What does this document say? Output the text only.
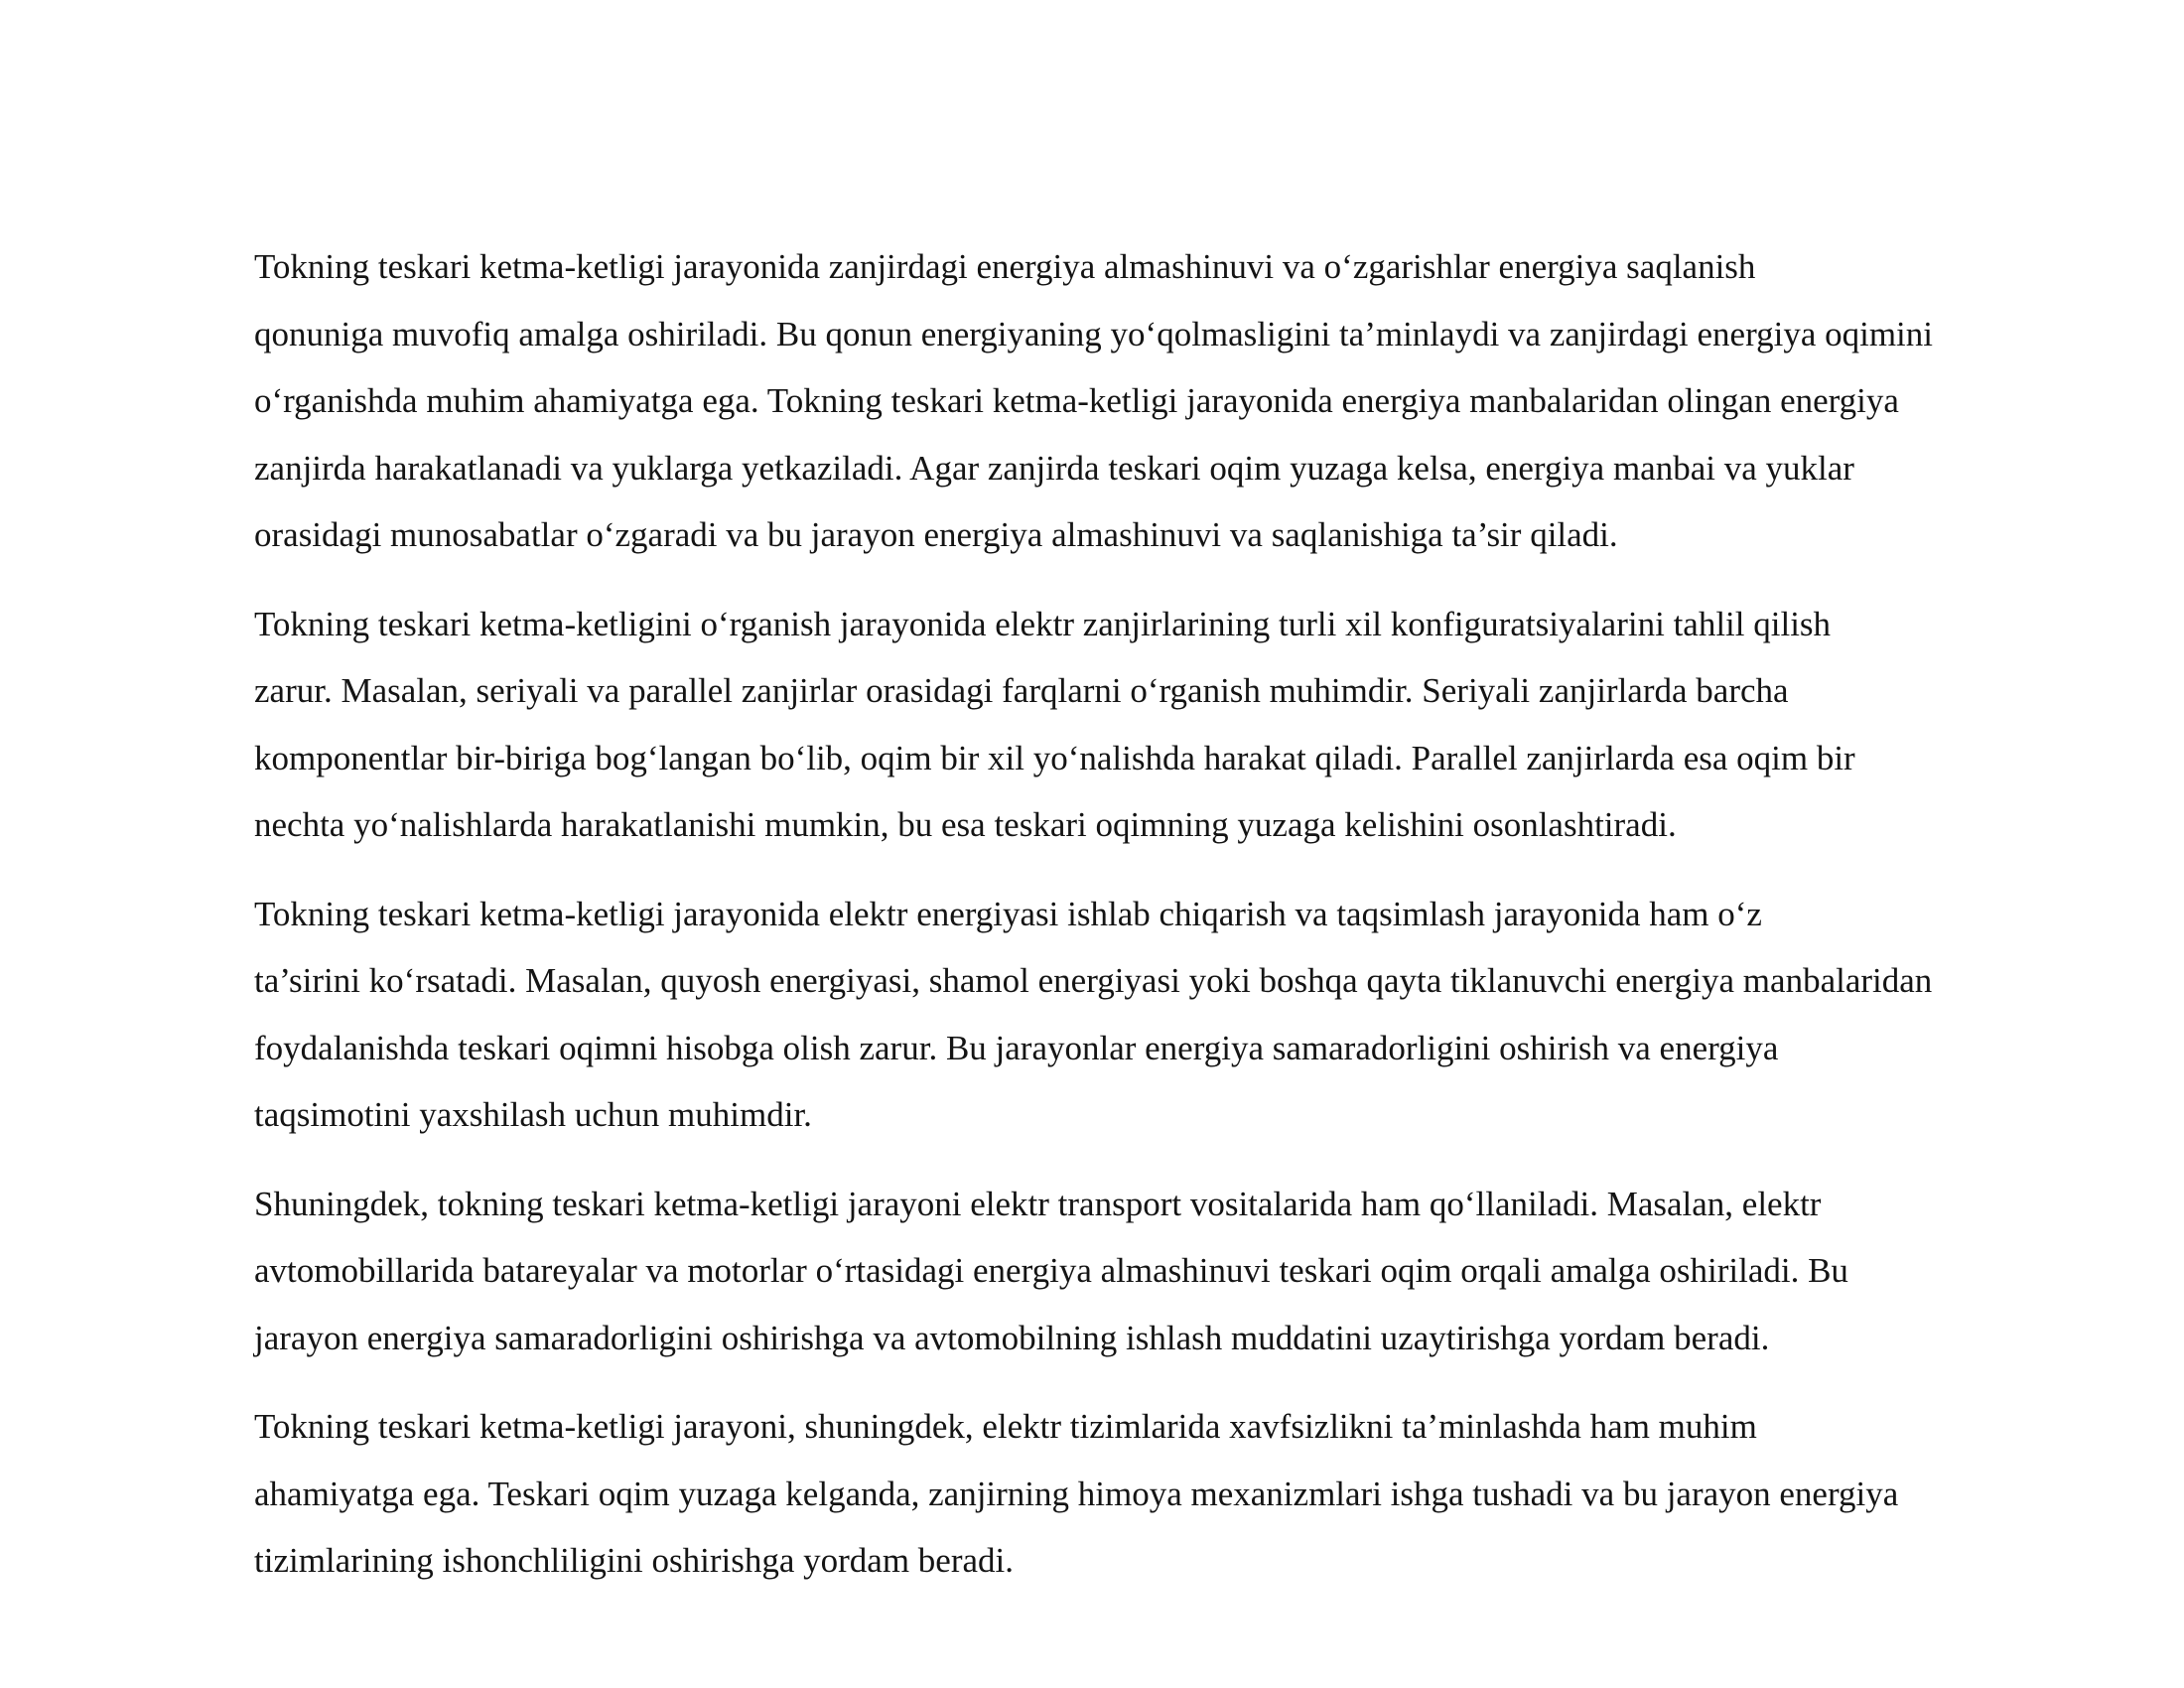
Tokning teskari ketma-ketligi jarayonida zanjirdagi energiya almashinuvi va o‘zgarishlar energiya saqlanish
qonuniga muvofiq amalga oshiriladi. Bu qonun energiyaning yo‘qolmasligini ta’minlaydi va zanjirdagi energiya oqimini
o‘rganishda muhim ahamiyatga ega. Tokning teskari ketma-ketligi jarayonida energiya manbalaridan olingan energiya
zanjirda harakatlanadi va yuklarga yetkaziladi. Agar zanjirda teskari oqim yuzaga kelsa, energiya manbai va yuklar
orasidagi munosabatlar o‘zgaradi va bu jarayon energiya almashinuvi va saqlanishiga ta’sir qiladi.

Tokning teskari ketma-ketligini o‘rganish jarayonida elektr zanjirlarining turli xil konfiguratsiyalarini tahlil qilish
zarur. Masalan, seriyali va parallel zanjirlar orasidagi farqlarni o‘rganish muhimdir. Seriyali zanjirlarda barcha
komponentlar bir-biriga bog‘langan bo‘lib, oqim bir xil yo‘nalishda harakat qiladi. Parallel zanjirlarda esa oqim bir
nechta yo‘nalishlarda harakatlanishi mumkin, bu esa teskari oqimning yuzaga kelishini osonlashtiradi.

Tokning teskari ketma-ketligi jarayonida elektr energiyasi ishlab chiqarish va taqsimlash jarayonida ham o‘z
ta’sirini ko‘rsatadi. Masalan, quyosh energiyasi, shamol energiyasi yoki boshqa qayta tiklanuvchi energiya manbalaridan
foydalanishda teskari oqimni hisobga olish zarur. Bu jarayonlar energiya samaradorligini oshirish va energiya
taqsimotini yaxshilash uchun muhimdir.

Shuningdek, tokning teskari ketma-ketligi jarayoni elektr transport vositalarida ham qo‘llaniladi. Masalan, elektr
avtomobillarida batareyalar va motorlar o‘rtasidagi energiya almashinuvi teskari oqim orqali amalga oshiriladi. Bu
jarayon energiya samaradorligini oshirishga va avtomobilning ishlash muddatini uzaytirishga yordam beradi.

Tokning teskari ketma-ketligi jarayoni, shuningdek, elektr tizimlarida xavfsizlikni ta’minlashda ham muhim
ahamiyatga ega. Teskari oqim yuzaga kelganda, zanjirning himoya mexanizmlari ishga tushadi va bu jarayon energiya
tizimlarining ishonchliligini oshirishga yordam beradi.
